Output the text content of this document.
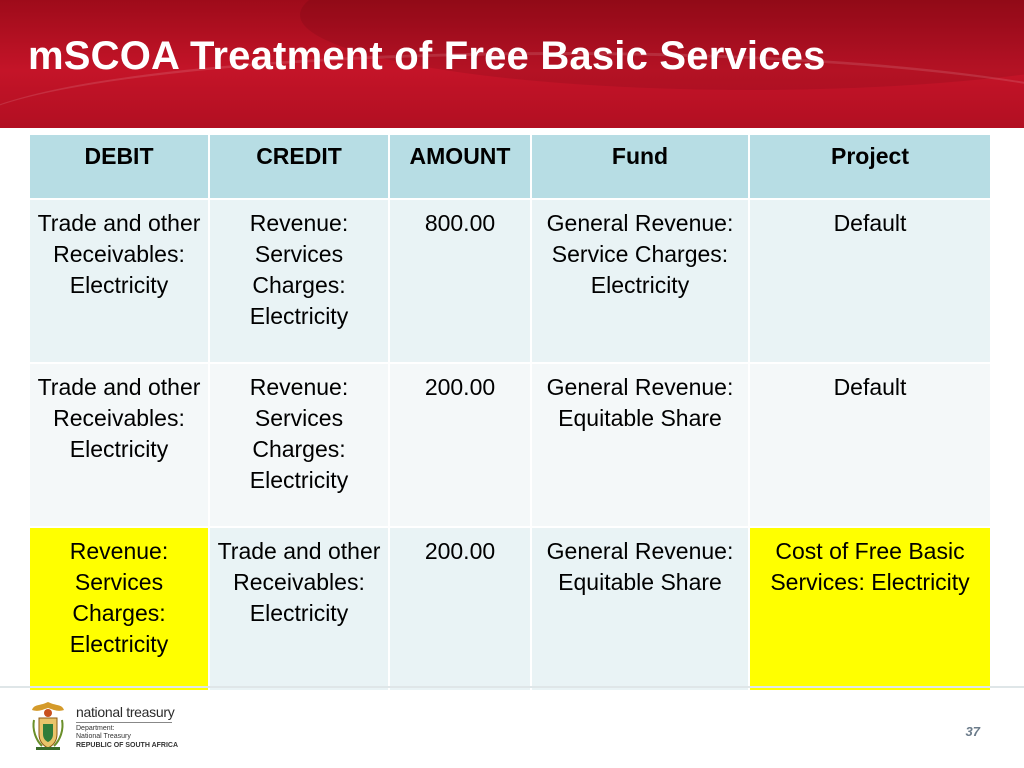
mSCOA Treatment of Free Basic Services
DEBIT	CREDIT	AMOUNT	Fund	Project
Trade and other Receivables: Electricity	Revenue: Services Charges: Electricity	800.00	General Revenue: Service Charges: Electricity	Default
Trade and other Receivables: Electricity	Revenue: Services Charges: Electricity	200.00	General Revenue: Equitable Share	Default
Revenue: Services Charges: Electricity	Trade and other Receivables: Electricity	200.00	General Revenue: Equitable Share	Cost of Free Basic Services: Electricity
national treasury
Department:
National Treasury
REPUBLIC OF SOUTH AFRICA
37
